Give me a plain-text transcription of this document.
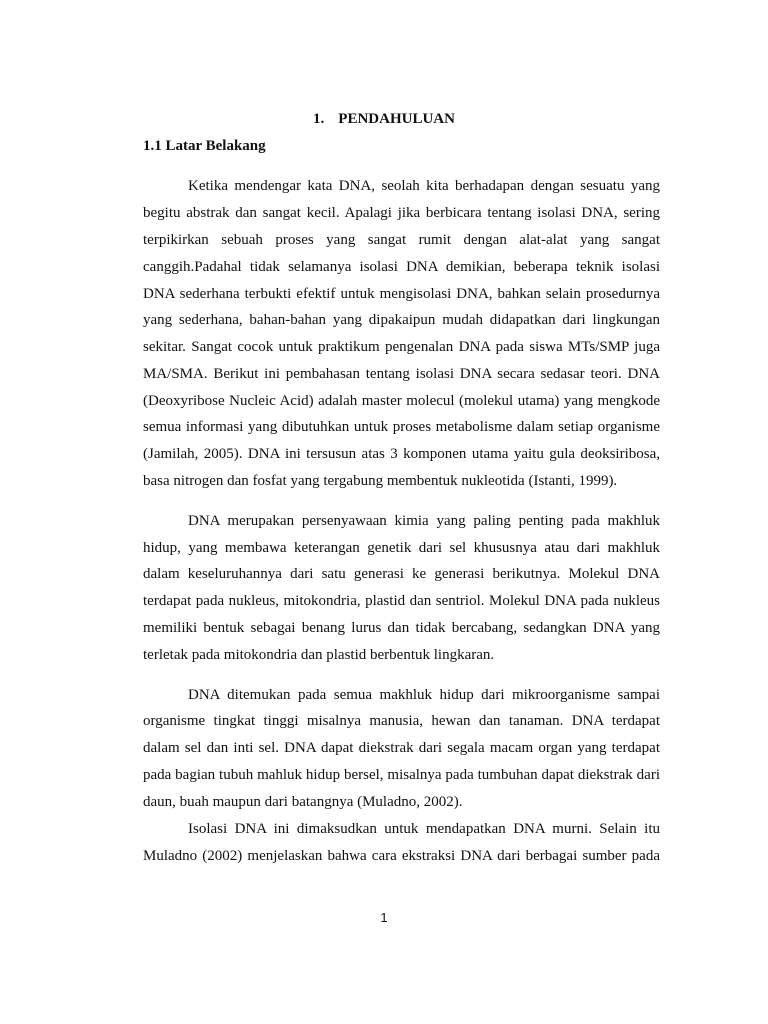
1. PENDAHULUAN
1.1 Latar Belakang
Ketika mendengar kata DNA, seolah kita berhadapan dengan sesuatu yang
begitu abstrak dan sangat kecil. Apalagi jika berbicara tentang isolasi DNA, sering
terpikirkan sebuah proses yang sangat rumit dengan alat-alat yang sangat
canggih.Padahal tidak selamanya isolasi DNA demikian, beberapa teknik isolasi
DNA sederhana terbukti efektif untuk mengisolasi DNA, bahkan selain prosedurnya
yang sederhana, bahan-bahan yang dipakaipun mudah didapatkan dari lingkungan
sekitar. Sangat cocok untuk praktikum pengenalan DNA pada siswa MTs/SMP juga
MA/SMA. Berikut ini pembahasan tentang isolasi DNA secara sedasar teori. DNA
(Deoxyribose Nucleic Acid) adalah master molecul (molekul utama) yang mengkode
semua informasi yang dibutuhkan untuk proses metabolisme dalam setiap organisme
(Jamilah, 2005). DNA ini tersusun atas 3 komponen utama yaitu gula deoksiribosa,
basa nitrogen dan fosfat yang tergabung membentuk nukleotida (Istanti, 1999).
DNA merupakan persenyawaan kimia yang paling penting pada makhluk
hidup, yang membawa keterangan genetik dari sel khususnya atau dari makhluk
dalam keseluruhannya dari satu generasi ke generasi berikutnya. Molekul DNA
terdapat pada nukleus, mitokondria, plastid dan sentriol. Molekul DNA pada nukleus
memiliki bentuk sebagai benang lurus dan tidak bercabang, sedangkan DNA yang
terletak pada mitokondria dan plastid berbentuk lingkaran.
DNA ditemukan pada semua makhluk hidup dari mikroorganisme sampai
organisme tingkat tinggi misalnya manusia, hewan dan tanaman. DNA terdapat
dalam sel dan inti sel. DNA dapat diekstrak dari segala macam organ yang terdapat
pada bagian tubuh mahluk hidup bersel, misalnya pada tumbuhan dapat diekstrak dari
daun, buah maupun dari batangnya (Muladno, 2002).
Isolasi DNA ini dimaksudkan untuk mendapatkan DNA murni. Selain itu
Muladno (2002) menjelaskan bahwa cara ekstraksi DNA dari berbagai sumber pada
1
